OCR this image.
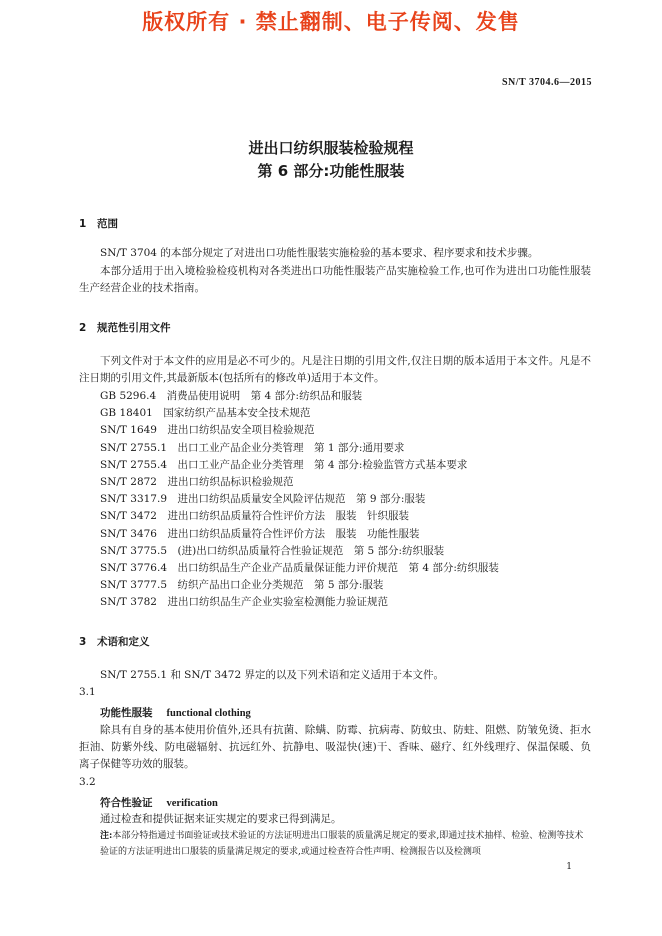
版权所有 · 禁止翻制、电子传阅、发售
SN/T 3704.6—2015
进出口纺织服装检验规程
第 6 部分:功能性服装
1 范围
SN/T 3704 的本部分规定了对进出口功能性服装实施检验的基本要求、程序要求和技术步骤。
本部分适用于出入境检验检疫机构对各类进出口功能性服装产品实施检验工作,也可作为进出口功能性服装生产经营企业的技术指南。
2 规范性引用文件
下列文件对于本文件的应用是必不可少的。凡是注日期的引用文件,仅注日期的版本适用于本文件。凡是不注日期的引用文件,其最新版本(包括所有的修改单)适用于本文件。
GB 5296.4　消费品使用说明　第 4 部分:纺织品和服装
GB 18401　国家纺织产品基本安全技术规范
SN/T 1649　进出口纺织品安全项目检验规范
SN/T 2755.1　出口工业产品企业分类管理　第 1 部分:通用要求
SN/T 2755.4　出口工业产品企业分类管理　第 4 部分:检验监管方式基本要求
SN/T 2872　进出口纺织品标识检验规范
SN/T 3317.9　进出口纺织品质量安全风险评估规范　第 9 部分:服装
SN/T 3472　进出口纺织品质量符合性评价方法　服装　针织服装
SN/T 3476　进出口纺织品质量符合性评价方法　服装　功能性服装
SN/T 3775.5　(进)出口纺织品质量符合性验证规范　第 5 部分:纺织服装
SN/T 3776.4　出口纺织品生产企业产品质量保证能力评价规范　第 4 部分:纺织服装
SN/T 3777.5　纺织产品出口企业分类规范　第 5 部分:服装
SN/T 3782　进出口纺织品生产企业实验室检测能力验证规范
3 术语和定义
SN/T 2755.1 和 SN/T 3472 界定的以及下列术语和定义适用于本文件。
3.1
功能性服装 functional clothing
除具有自身的基本使用价值外,还具有抗菌、除螨、防霉、抗病毒、防蚊虫、防蛀、阻燃、防皱免烫、拒水拒油、防紫外线、防电磁辐射、抗远红外、抗静电、吸湿快(速)干、香味、磁疗、红外线理疗、保温保暖、负离子保健等功效的服装。
3.2
符合性验证 verification
通过检查和提供证据来证实规定的要求已得到满足。
注:本部分特指通过书面验证或技术验证的方法证明进出口服装的质量满足规定的要求,即通过技术抽样、检验、检测等技术验证的方法证明进出口服装的质量满足规定的要求,或通过检查符合性声明、检测报告以及检测项
1
